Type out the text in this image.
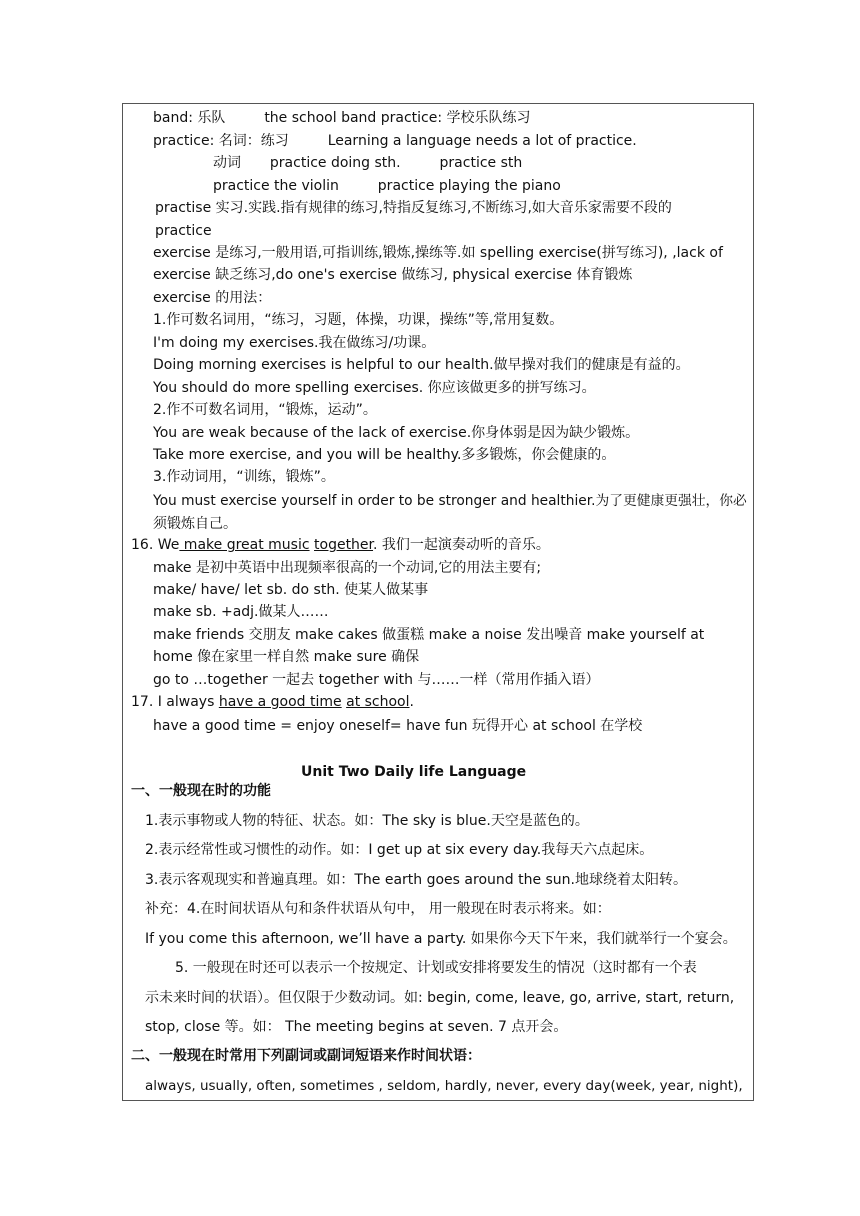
band: 乐队	the school band practice: 学校乐队练习
practice: 名词：练习	Learning a language needs a lot of practice.
动词 practice doing sth.	practice sth
practice the violin	practice playing the piano
practise 实习.实践.指有规律的练习,特指反复练习,不断练习,如大音乐家需要不段的
practice
exercise 是练习,一般用语,可指训练,锻炼,操练等.如 spelling exercise(拼写练习), ,lack of
exercise 缺乏练习,do one's exercise 做练习, physical exercise 体育锻炼
exercise 的用法：
1.作可数名词用，“练习，习题，体操，功课，操练”等,常用复数。
I'm doing my exercises.我在做练习/功课。
Doing morning exercises is helpful to our health.做早操对我们的健康是有益的。
You should do more spelling exercises. 你应该做更多的拼写练习。
2.作不可数名词用，“锻炼，运动”。
You are weak because of the lack of exercise.你身体弱是因为缺少锻炼。
Take more exercise, and you will be healthy.多多锻炼，你会健康的。
3.作动词用，“训练，锻炼”。
You must exercise yourself in order to be stronger and healthier.为了更健康更强壮，你必
须锻炼自己。
16. We make great music together. 我们一起演奏动听的音乐。
make 是初中英语中出现频率很高的一个动词,它的用法主要有;
make/ have/ let sb. do sth. 使某人做某事
make sb. +adj.做某人……
make friends 交朋友 make cakes 做蛋糕 make a noise 发出噪音 make yourself at
home 像在家里一样自然 make sure 确保
go to …together 一起去 together with 与……一样（常用作插入语）
17. I always have a good time at school.
have a good time = enjoy oneself= have fun 玩得开心 at school 在学校
Unit Two Daily life Language
一、一般现在时的功能
1.表示事物或人物的特征、状态。如：The sky is blue.天空是蓝色的。
2.表示经常性或习惯性的动作。如：I get up at six every day.我每天六点起床。
3.表示客观现实和普遍真理。如：The earth goes around the sun.地球绕着太阳转。
补充：4.在时间状语从句和条件状语从句中， 用一般现在时表示将来。如：
If you come this afternoon, we’ll have a party. 如果你今天下午来，我们就举行一个宴会。
5. 一般现在时还可以表示一个按规定、计划或安排将要发生的情况（这时都有一个表
示未来时间的状语）。但仅限于少数动词。如: begin, come, leave, go, arrive, start, return,
stop, close 等。如： The meeting begins at seven. 7 点开会。
二、一般现在时常用下列副词或副词短语来作时间状语：
always, usually, often, sometimes , seldom, hardly, never, every day(week, year, night),
